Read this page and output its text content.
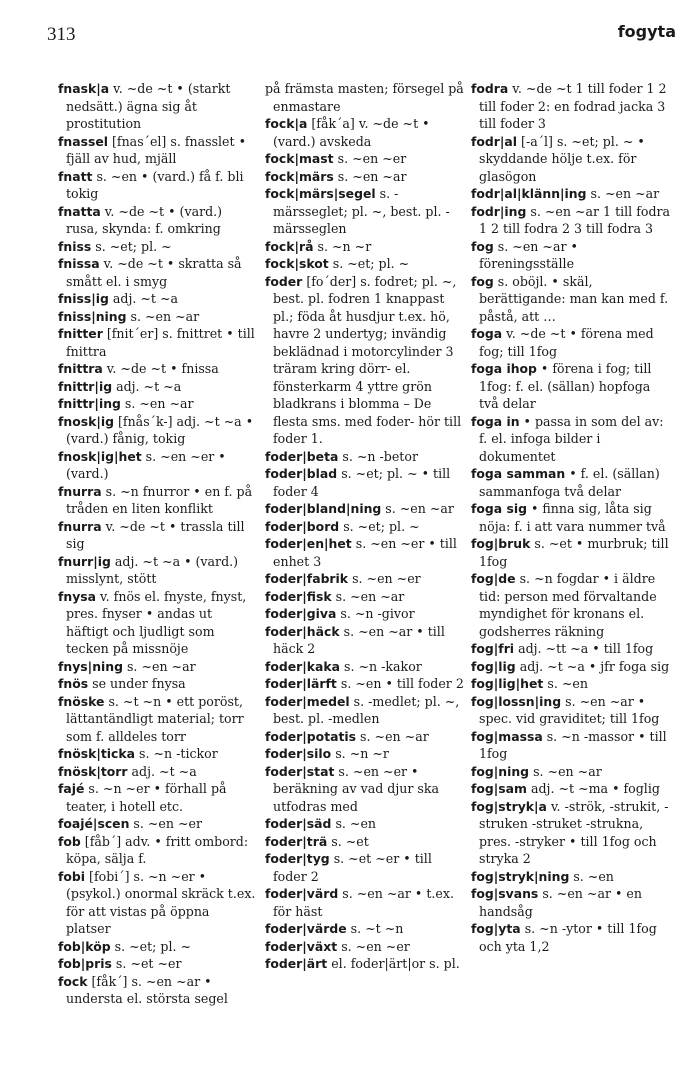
313	fogyta

fnask|a v. ~de ~t • (starkt nedsätt.) ägna sig åt prostitution

fnassel [fnas´el] s. fnasslet • fjäll av hud, mjäll

fnatt s. ~en • (vard.) få f. bli tokig

fnatta v. ~de ~t • (vard.) rusa, skynda: f. omkring

fniss s. ~et; pl. ~

fnissa v. ~de ~t • skratta så smått el. i smyg

fniss|ig adj. ~t ~a

fniss|ning s. ~en ~ar

fnitter [fnit´er] s. fnittret • till fnittra

fnittra v. ~de ~t • fnissa

fnittr|ig adj. ~t ~a

fnittr|ing s. ~en ~ar

fnosk|ig [fnås´k-] adj. ~t ~a • (vard.) fånig, tokig

fnosk|ig|het s. ~en ~er • (vard.)

fnurra s. ~n fnurror • en f. på tråden en liten konflikt

fnurra v. ~de ~t • trassla till sig

fnurr|ig adj. ~t ~a • (vard.) misslynt, stött

fnysa v. fnös el. fnyste, fnyst, pres. fnyser • andas ut häftigt och ljudligt som tecken på missnöje

fnys|ning s. ~en ~ar

fnös se under fnysa

fnöske s. ~t ~n • ett poröst, lättantändligt material; torr som f. alldeles torr

fnösk|ticka s. ~n -tickor

fnösk|torr adj. ~t ~a

fajé s. ~n ~er • förhall på teater, i hotell etc.

foajé|scen s. ~en ~er

fob [fåb´] adv. • fritt ombord: köpa, sälja f.

fobi [fobi´] s. ~n ~er • (psykol.) onormal skräck t.ex. för att vistas på öppna platser

fob|köp s. ~et; pl. ~

fob|pris s. ~et ~er

fock [fåk´] s. ~en ~ar • understa el. största segel

på främsta masten; försegel på enmastare

fock|a [fåk´a] v. ~de ~t • (vard.) avskeda

fock|mast s. ~en ~er

fock|märs s. ~en ~ar

fock|märs|segel s. -märsseglet; pl. ~, best. pl. -märsseglen

fock|rå s. ~n ~r

fock|skot s. ~et; pl. ~

foder [fo´der] s. fodret; pl. ~, best. pl. fodren 1 knappast pl.; föda åt husdjur t.ex. hö, havre 2 undertyg; invändig beklädnad i motorcylinder 3 träram kring dörr- el. fönsterkarm 4 yttre grön bladkrans i blomma – De flesta sms. med foder- hör till foder 1.

foder|beta s. ~n -betor

foder|blad s. ~et; pl. ~ • till foder 4

foder|bland|ning s. ~en ~ar

foder|bord s. ~et; pl. ~

foder|en|het s. ~en ~er • till enhet 3

foder|fabrik s. ~en ~er

foder|fisk s. ~en ~ar

foder|giva s. ~n -givor

foder|häck s. ~en ~ar • till häck 2

foder|kaka s. ~n -kakor

foder|lärft s. ~en • till foder 2

foder|medel s. -medlet; pl. ~, best. pl. -medlen

foder|potatis s. ~en ~ar

foder|silo s. ~n ~r

foder|stat s. ~en ~er • beräkning av vad djur ska utfodras med

foder|säd s. ~en

foder|trä s. ~et

foder|tyg s. ~et ~er • till foder 2

foder|värd s. ~en ~ar • t.ex. för häst

foder|värde s. ~t ~n

foder|växt s. ~en ~er

foder|ärt el. foder|ärt|or s. pl.

fodra v. ~de ~t 1 till foder 1 2 till foder 2: en fodrad jacka 3 till foder 3

fodr|al [-a´l] s. ~et; pl. ~ • skyddande hölje t.ex. för glasögon

fodr|al|klänn|ing s. ~en ~ar

fodr|ing s. ~en ~ar 1 till fodra 1 2 till fodra 2 3 till fodra 3

fog s. ~en ~ar • föreningsställe

fog s. oböjl. • skäl, berättigande: man kan med f. påstå, att …

foga v. ~de ~t • förena med fog; till 1fog

foga ihop • förena i fog; till 1fog: f. el. (sällan) hopfoga två delar

foga in • passa in som del av: f. el. infoga bilder i dokumentet

foga samman • f. el. (sällan) sammanfoga två delar

foga sig • finna sig, låta sig nöja: f. i att vara nummer två

fog|bruk s. ~et • murbruk; till 1fog

fog|de s. ~n fogdar • i äldre tid: person med förvaltande myndighet för kronans el. godsherres räkning

fog|fri adj. ~tt ~a • till 1fog

fog|lig adj. ~t ~a • jfr foga sig

fog|lig|het s. ~en

fog|lossn|ing s. ~en ~ar • spec. vid graviditet; till 1fog

fog|massa s. ~n -massor • till 1fog

fog|ning s. ~en ~ar

fog|sam adj. ~t ~ma • foglig

fog|stryk|a v. -strök, -strukit, -struken -struket -strukna, pres. -stryker • till 1fog och stryka 2

fog|stryk|ning s. ~en

fog|svans s. ~en ~ar • en handsåg

fog|yta s. ~n -ytor • till 1fog och yta 1,2
